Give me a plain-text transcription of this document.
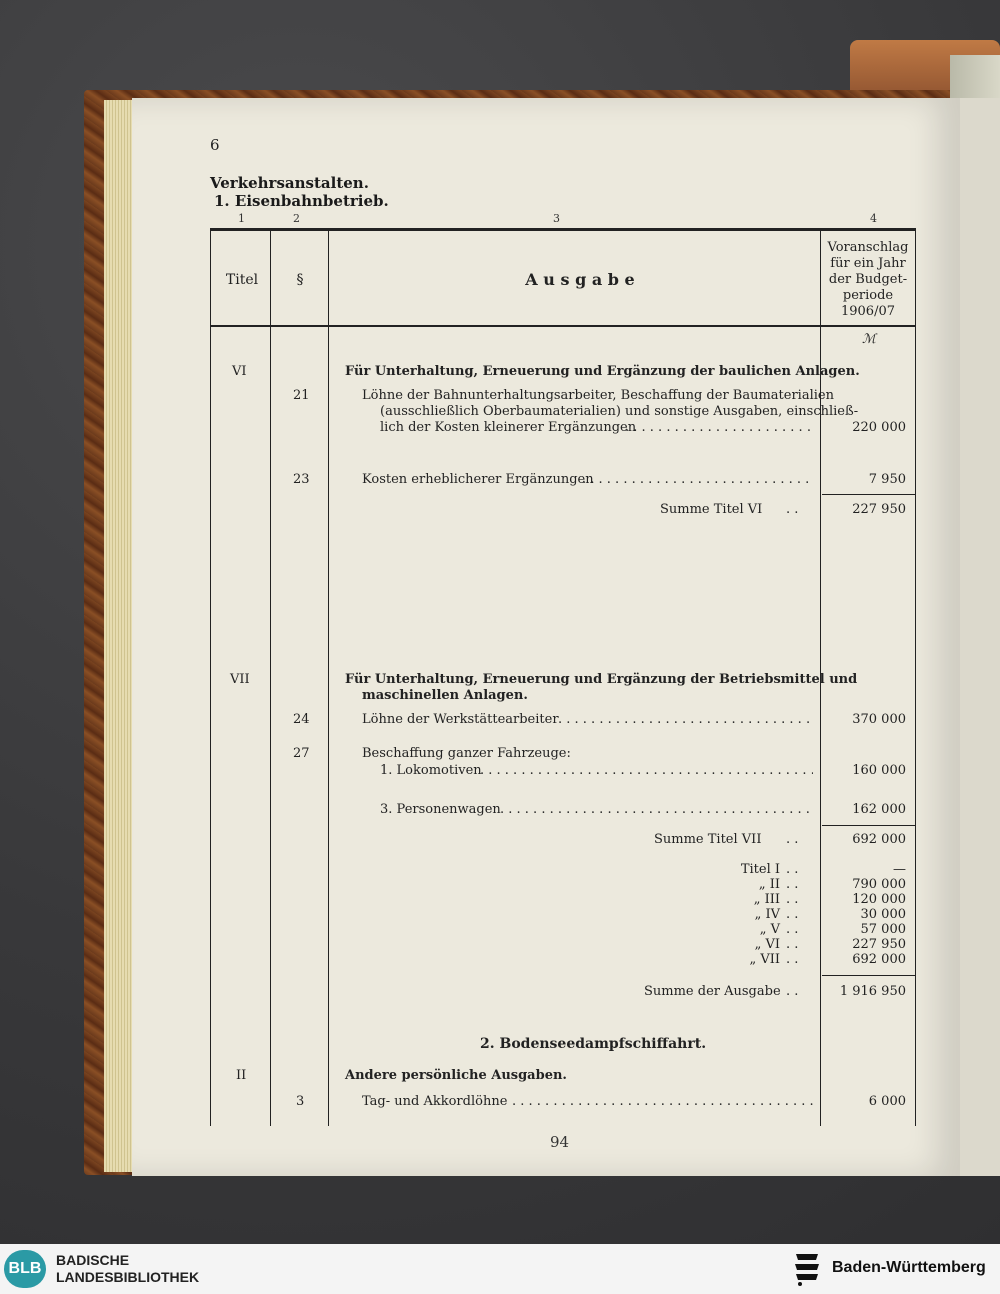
6
Verkehrsanstalten.
1. Eisenbahnbetrieb.
1	2	3	4
Titel	§	A u s g a b e
Voranschlag
für ein Jahr
der Budget-
periode
1906/07
ℳ
VI	Für Unterhaltung, Erneuerung und Ergänzung der baulichen Anlagen.
21	Löhne der Bahnunterhaltungsarbeiter, Beschaffung der Baumaterialien
(ausschließlich Oberbaumaterialien) und sonstige Ausgaben, einschließ-
lich der Kosten kleinerer Ergänzungen . . .	220 000
23	Kosten erheblicherer Ergänzungen . . .	7 950
Summe Titel VI . .	227 950
VII	Für Unterhaltung, Erneuerung und Ergänzung der Betriebsmittel und
maschinellen Anlagen.
24	Löhne der Werkstättearbeiter . . .	370 000
27	Beschaffung ganzer Fahrzeuge:
1. Lokomotiven . . .	160 000
3. Personenwagen . . .	162 000
Summe Titel VII . .	692 000
Titel I	—
„ II	790 000
„ III	120 000
„ IV	30 000
„ V	57 000
„ VI	227 950
„ VII	692 000
. .
. .
. .
. .
. .
. .
. .
Summe der Ausgabe . .	1 916 950
2. Bodenseedampfschiffahrt.
II	Andere persönliche Ausgaben.
3	Tag- und Akkordlöhne . . .	6 000
94
BLB	BADISCHE
LANDESBIBLIOTHEK
Baden-Württemberg
